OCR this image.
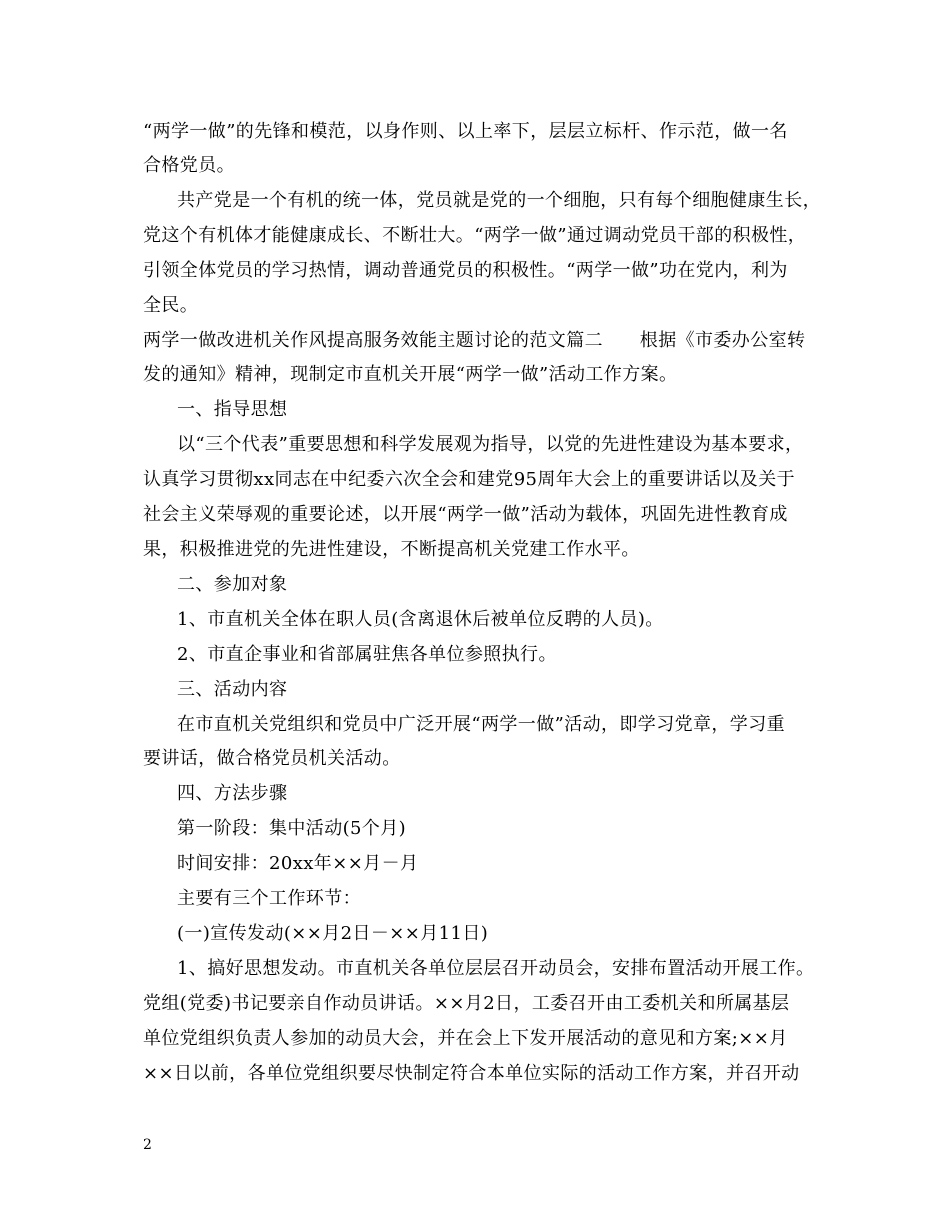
“两学一做”的先锋和模范，以身作则、以上率下，层层立标杆、作示范，做一名
合格党员。
共产党是一个有机的统一体，党员就是党的一个细胞，只有每个细胞健康生长，
党这个有机体才能健康成长、不断壮大。“两学一做”通过调动党员干部的积极性，
引领全体党员的学习热情，调动普通党员的积极性。“两学一做”功在党内，利为
全民。
两学一做改进机关作风提高服务效能主题讨论的范文篇二　　根据《市委办公室转
发的通知》精神，现制定市直机关开展“两学一做”活动工作方案。
一、指导思想
以“三个代表”重要思想和科学发展观为指导，以党的先进性建设为基本要求，
认真学习贯彻xx同志在中纪委六次全会和建党95周年大会上的重要讲话以及关于
社会主义荣辱观的重要论述，以开展“两学一做”活动为载体，巩固先进性教育成
果，积极推进党的先进性建设，不断提高机关党建工作水平。
二、参加对象
1、市直机关全体在职人员(含离退休后被单位反聘的人员)。
2、市直企事业和省部属驻焦各单位参照执行。
三、活动内容
在市直机关党组织和党员中广泛开展“两学一做”活动，即学习党章，学习重
要讲话，做合格党员机关活动。
四、方法步骤
第一阶段：集中活动(5个月)
时间安排：20xx年××月－月
主要有三个工作环节：
(一)宣传发动(××月2日－××月11日)
1、搞好思想发动。市直机关各单位层层召开动员会，安排布置活动开展工作。
党组(党委)书记要亲自作动员讲话。××月2日，工委召开由工委机关和所属基层
单位党组织负责人参加的动员大会，并在会上下发开展活动的意见和方案;××月
××日以前，各单位党组织要尽快制定符合本单位实际的活动工作方案，并召开动
2
